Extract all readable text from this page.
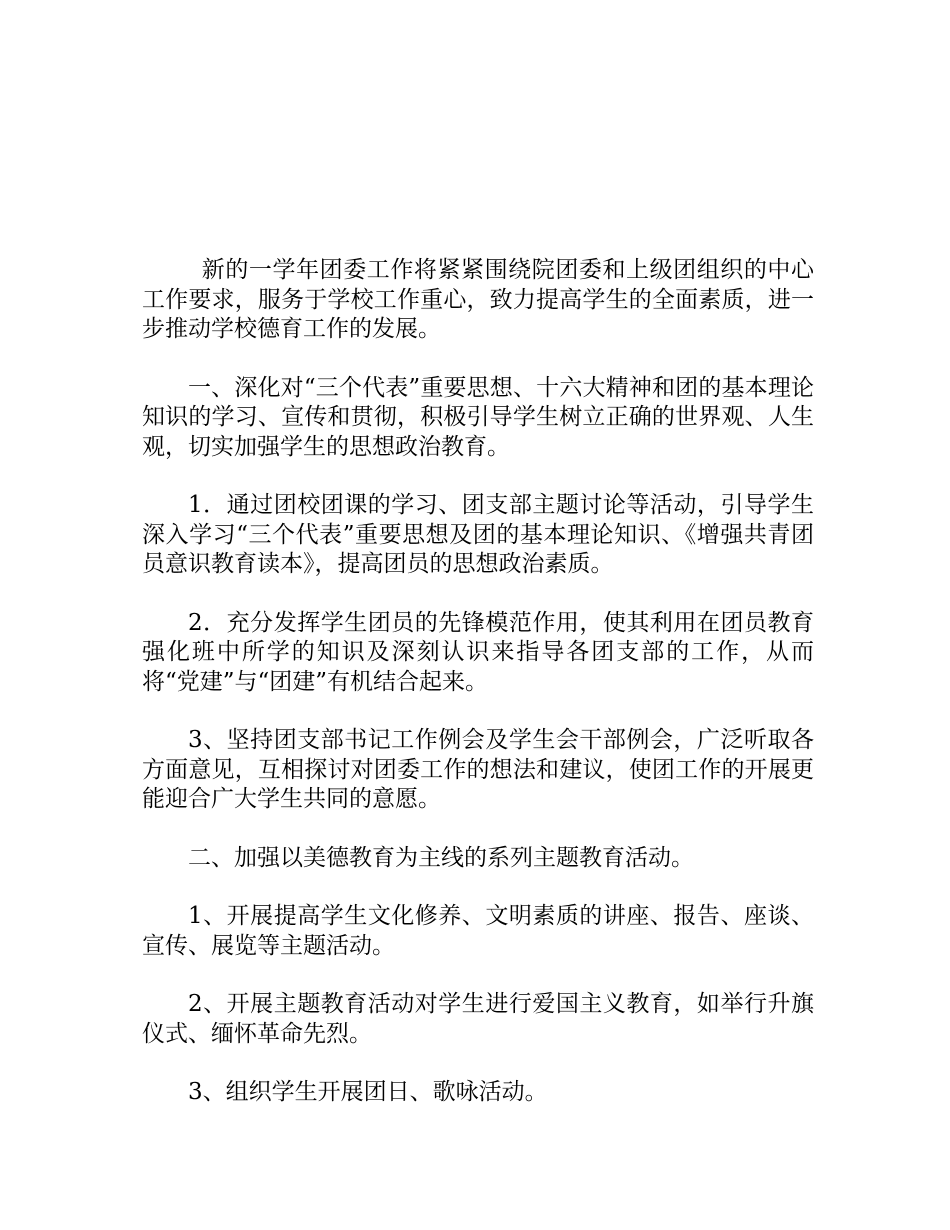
新的一学年团委工作将紧紧围绕院团委和上级团组织的中心工作要求，服务于学校工作重心，致力提高学生的全面素质，进一步推动学校德育工作的发展。

一、深化对“三个代表”重要思想、十六大精神和团的基本理论知识的学习、宣传和贯彻，积极引导学生树立正确的世界观、人生观，切实加强学生的思想政治教育。

1．通过团校团课的学习、团支部主题讨论等活动，引导学生深入学习“三个代表”重要思想及团的基本理论知识、《增强共青团员意识教育读本》，提高团员的思想政治素质。

2．充分发挥学生团员的先锋模范作用，使其利用在团员教育强化班中所学的知识及深刻认识来指导各团支部的工作，从而将“党建”与“团建”有机结合起来。

3、坚持团支部书记工作例会及学生会干部例会，广泛听取各方面意见，互相探讨对团委工作的想法和建议，使团工作的开展更能迎合广大学生共同的意愿。

二、加强以美德教育为主线的系列主题教育活动。

1、开展提高学生文化修养、文明素质的讲座、报告、座谈、宣传、展览等主题活动。

2、开展主题教育活动对学生进行爱国主义教育，如举行升旗仪式、缅怀革命先烈。

3、组织学生开展团日、歌咏活动。
